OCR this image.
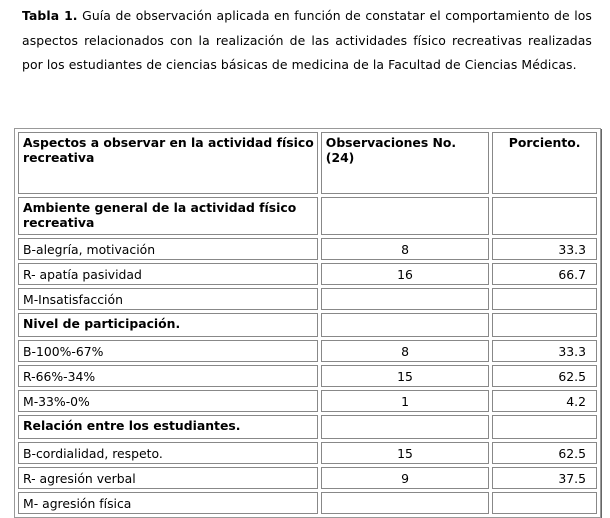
Tabla 1. Guía de observación aplicada en función de constatar el comportamiento de los aspectos relacionados con la realización de las actividades físico recreativas realizadas por los estudiantes de ciencias básicas de medicina de la Facultad de Ciencias Médicas.
Aspectos a observar en la actividad físico recreativa	Observaciones No. (24)	Porciento.
Ambiente general de la actividad físico recreativa		
B-alegría, motivación	8	33.3
R- apatía pasividad	16	66.7
M-Insatisfacción		
Nivel de participación.		
B-100%-67%	8	33.3
R-66%-34%	15	62.5
M-33%-0%	1	4.2
Relación entre los estudiantes.		
B-cordialidad, respeto.	15	62.5
R- agresión verbal	9	37.5
M- agresión física		
